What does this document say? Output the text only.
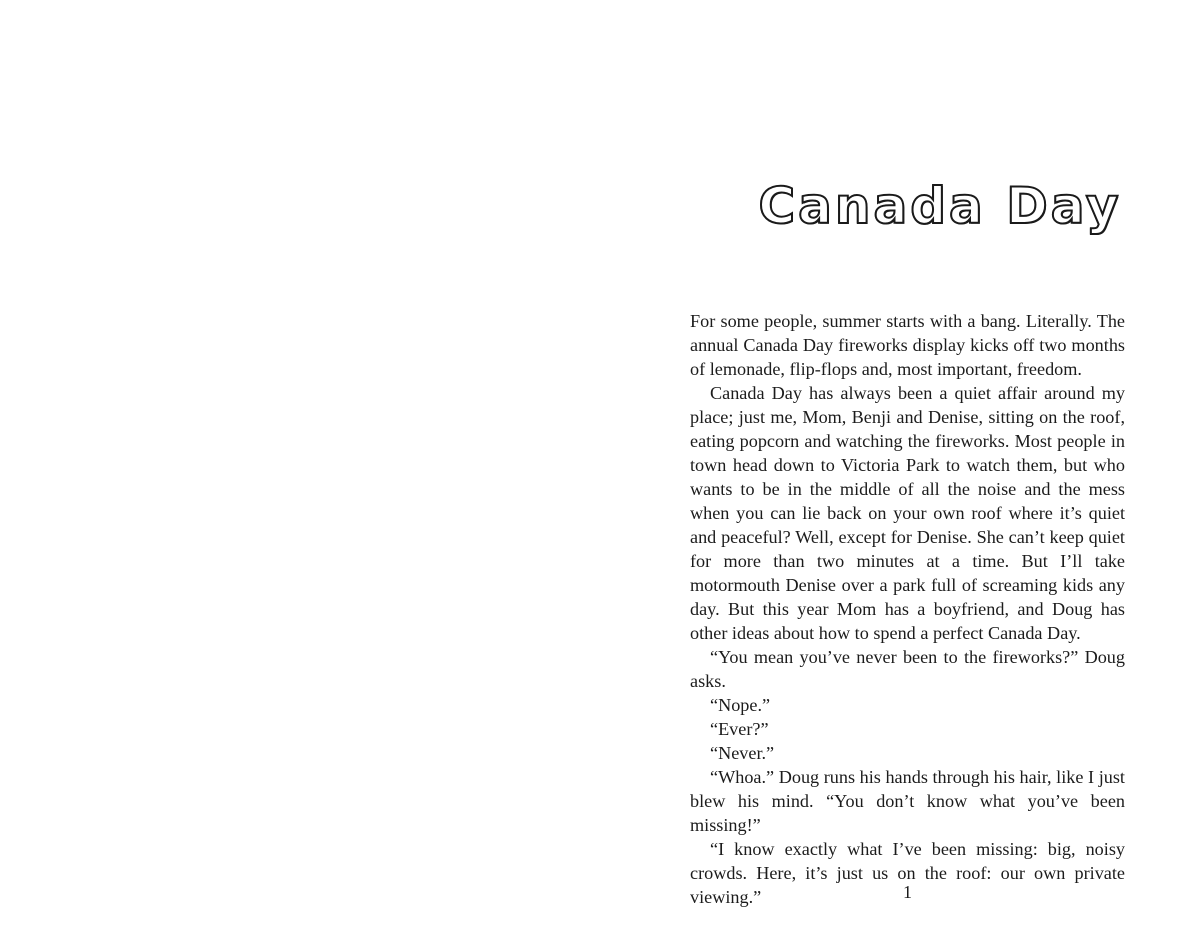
Canada Day

For some people, summer starts with a bang. Literally. The annual Canada Day fireworks display kicks off two months of lemonade, flip-flops and, most important, freedom.

Canada Day has always been a quiet affair around my place; just me, Mom, Benji and Denise, sitting on the roof, eating popcorn and watching the fireworks. Most people in town head down to Victoria Park to watch them, but who wants to be in the middle of all the noise and the mess when you can lie back on your own roof where it’s quiet and peaceful? Well, except for Denise. She can’t keep quiet for more than two minutes at a time. But I’ll take motormouth Denise over a park full of screaming kids any day. But this year Mom has a boyfriend, and Doug has other ideas about how to spend a perfect Canada Day.

“You mean you’ve never been to the fireworks?” Doug asks.

“Nope.”

“Ever?”

“Never.”

“Whoa.” Doug runs his hands through his hair, like I just blew his mind. “You don’t know what you’ve been missing!”

“I know exactly what I’ve been missing: big, noisy crowds. Here, it’s just us on the roof: our own private viewing.”	1
